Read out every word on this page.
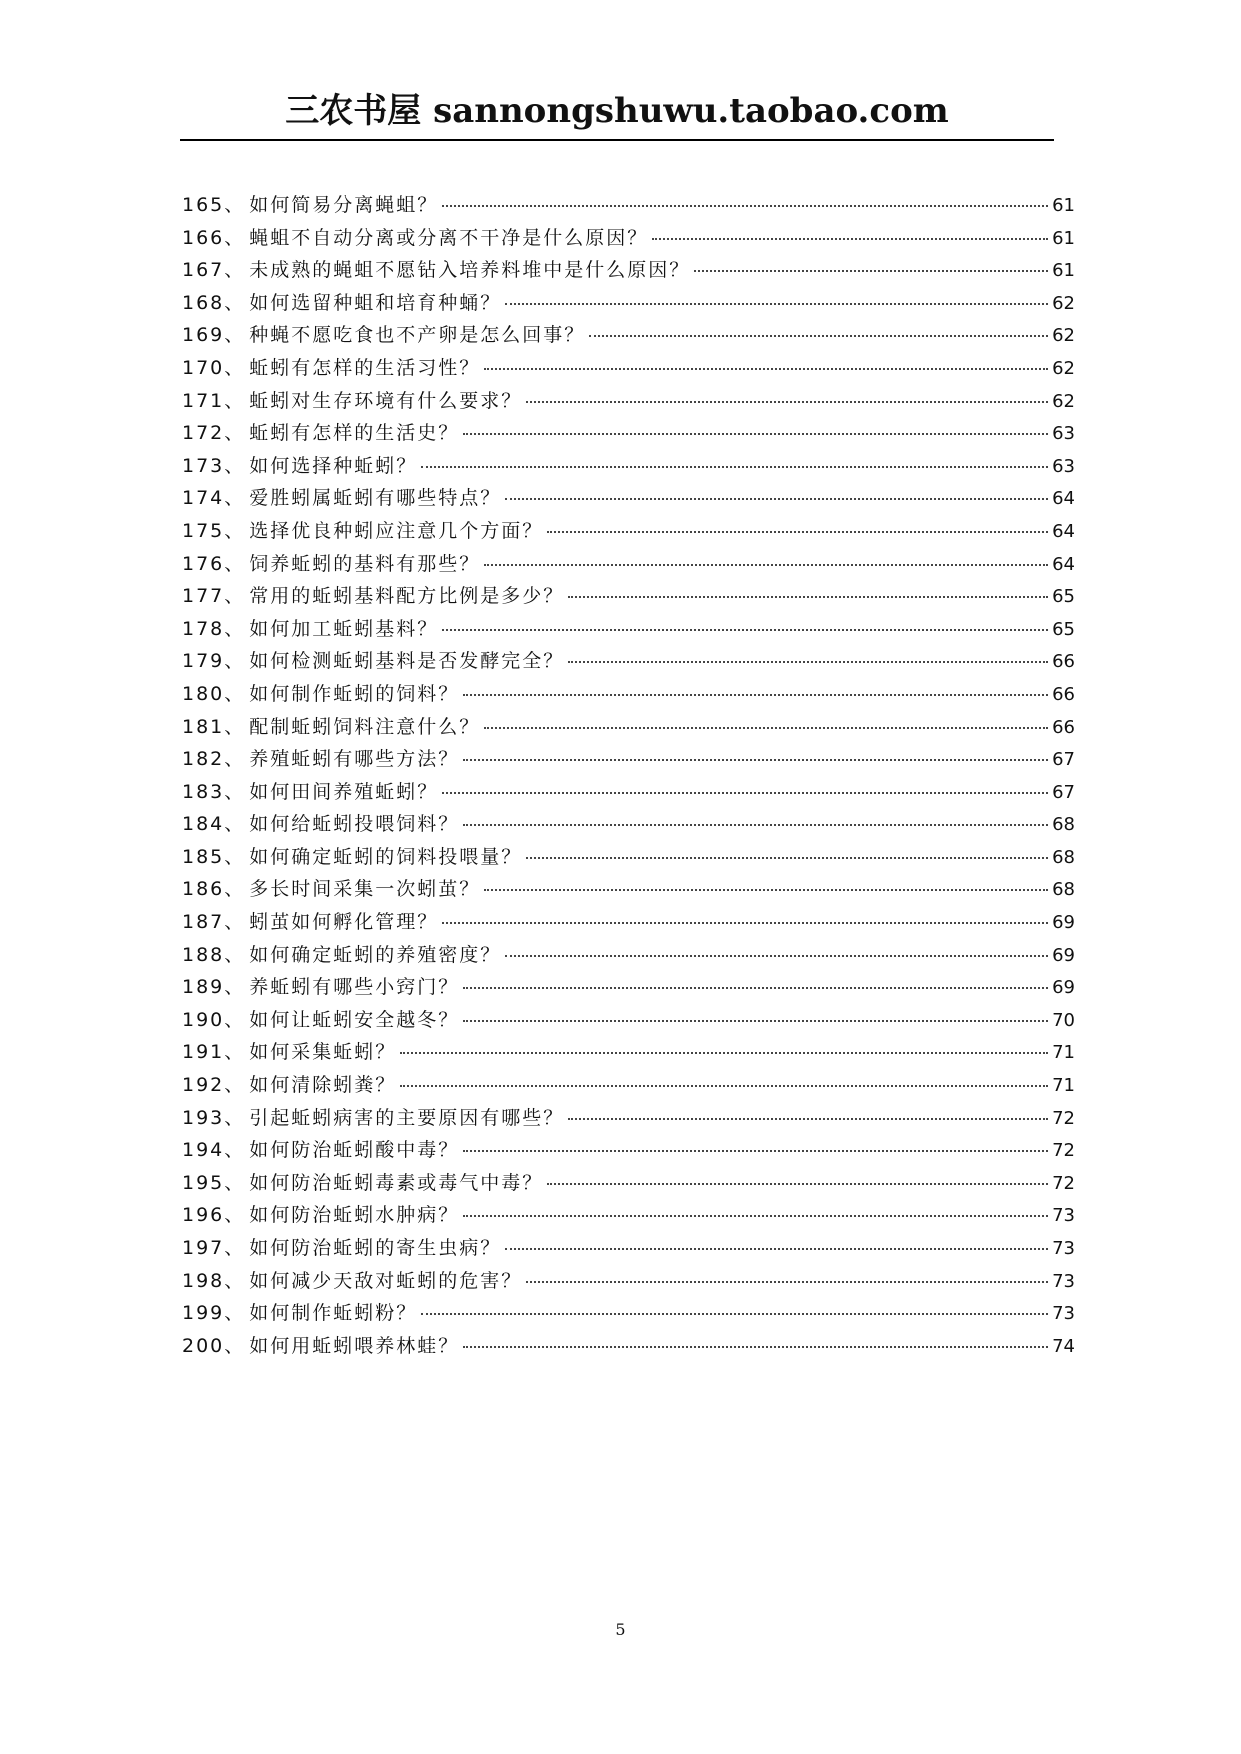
三农书屋 sannongshuwu.taobao.com
165 、 如何简易分离蝇蛆？	61
166 、 蝇蛆不自动分离或分离不干净是什么原因？	61
167 、 未成熟的蝇蛆不愿钻入培养料堆中是什么原因？	61
168 、 如何选留种蛆和培育种蛹？	62
169 、 种蝇不愿吃食也不产卵是怎么回事？	62
170 、 蚯蚓有怎样的生活习性？	62
171 、 蚯蚓对生存环境有什么要求？	62
172 、 蚯蚓有怎样的生活史？	63
173 、 如何选择种蚯蚓？	63
174 、 爱胜蚓属蚯蚓有哪些特点？	64
175 、 选择优良种蚓应注意几个方面？	64
176 、 饲养蚯蚓的基料有那些？	64
177 、 常用的蚯蚓基料配方比例是多少？	65
178 、 如何加工蚯蚓基料？	65
179 、 如何检测蚯蚓基料是否发酵完全？	66
180 、 如何制作蚯蚓的饲料？	66
181 、 配制蚯蚓饲料注意什么？	66
182 、 养殖蚯蚓有哪些方法？	67
183 、 如何田间养殖蚯蚓？	67
184 、 如何给蚯蚓投喂饲料？	68
185 、 如何确定蚯蚓的饲料投喂量？	68
186 、 多长时间采集一次蚓茧？	68
187 、 蚓茧如何孵化管理？	69
188 、 如何确定蚯蚓的养殖密度？	69
189 、 养蚯蚓有哪些小窍门？	69
190 、 如何让蚯蚓安全越冬？	70
191 、 如何采集蚯蚓？	71
192 、 如何清除蚓粪？	71
193 、 引起蚯蚓病害的主要原因有哪些？	72
194 、 如何防治蚯蚓酸中毒？	72
195 、 如何防治蚯蚓毒素或毒气中毒？	72
196 、 如何防治蚯蚓水肿病？	73
197 、 如何防治蚯蚓的寄生虫病？	73
198 、 如何减少天敌对蚯蚓的危害？	73
199 、 如何制作蚯蚓粉？	73
200 、 如何用蚯蚓喂养林蛙？	74
5
